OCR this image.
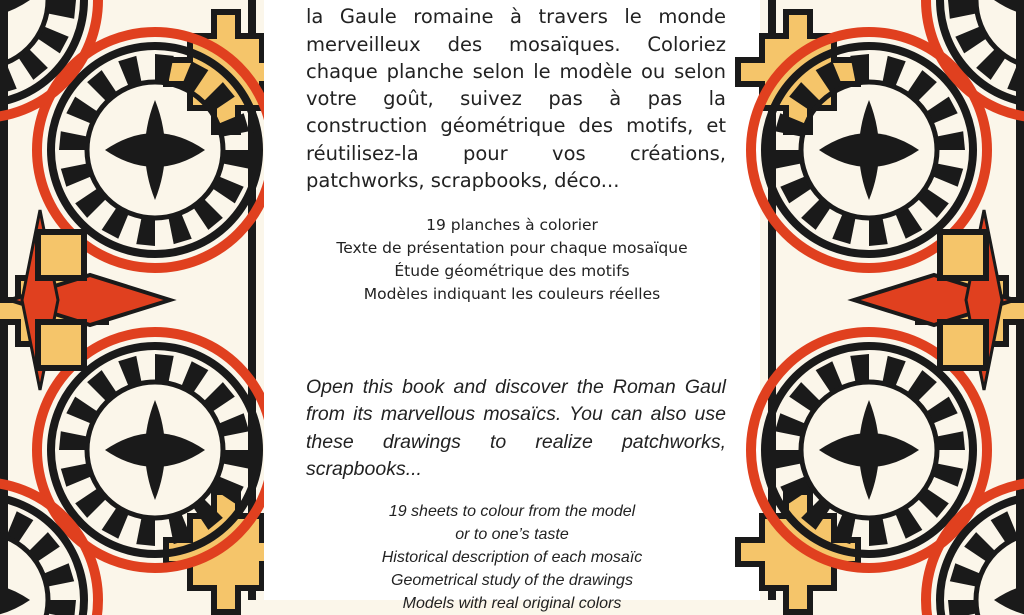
la Gaule romaine à travers le monde merveilleux des mosaïques. Coloriez chaque planche selon le modèle ou selon votre goût, suivez pas à pas la construction géométrique des motifs, et réutilisez-la pour vos créations, patchworks, scrapbooks, déco...

19 planches à colorier
Texte de présentation pour chaque mosaïque
Étude géométrique des motifs
Modèles indiquant les couleurs réelles

Open this book and discover the Roman Gaul from its marvellous mosaïcs. You can also use these drawings to realize patchworks, scrapbooks...

19 sheets to colour from the model
or to one’s taste
Historical description of each mosaïc
Geometrical study of the drawings
Models with real original colors
